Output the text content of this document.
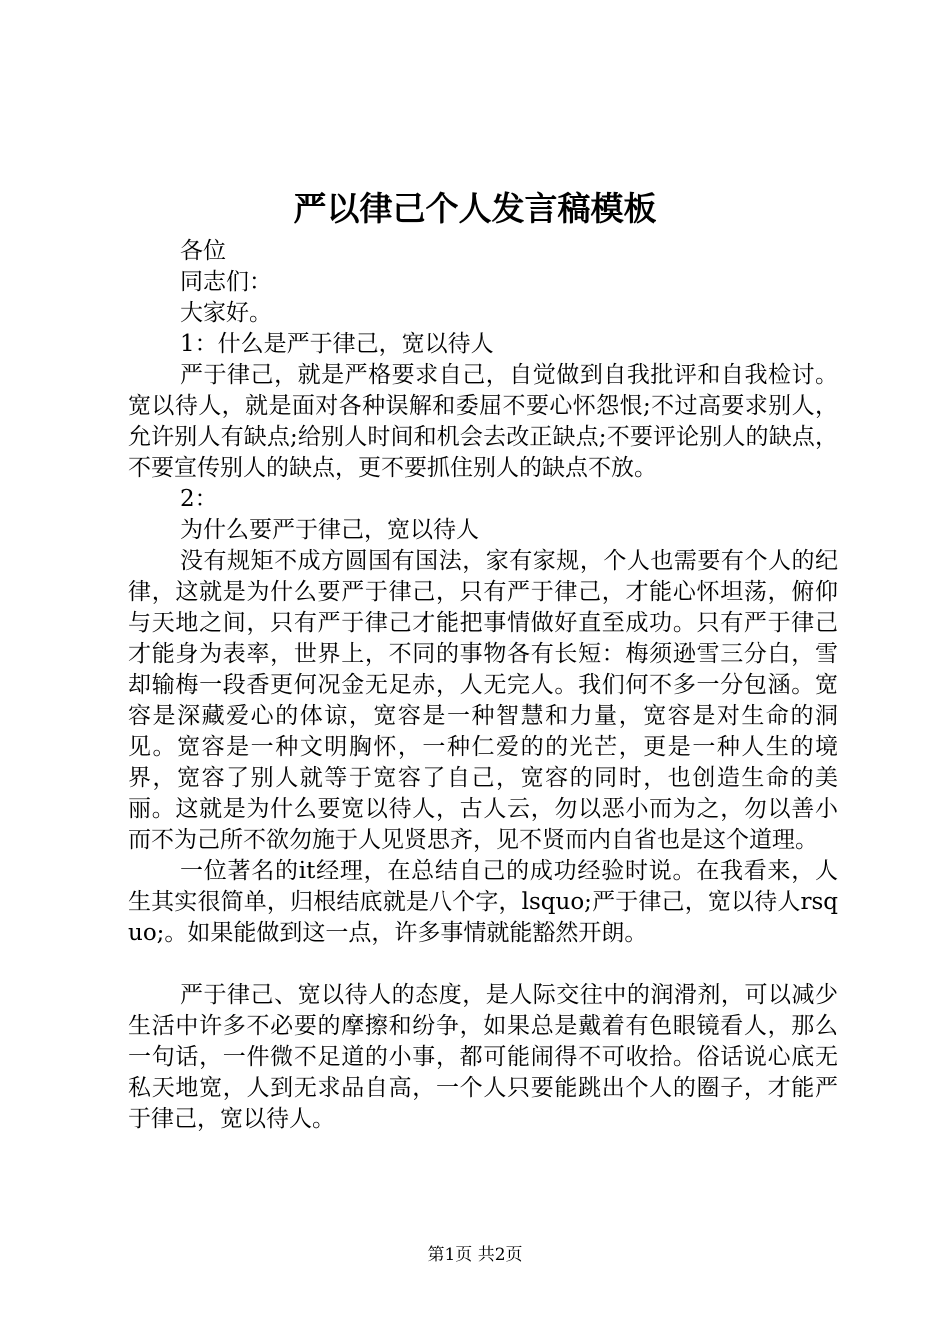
严以律己个人发言稿模板

各位

同志们：

大家好。

1：什么是严于律己，宽以待人

严于律己，就是严格要求自己，自觉做到自我批评和自我检讨。宽以待人，就是面对各种误解和委屈不要心怀怨恨;不过高要求别人，允许别人有缺点;给别人时间和机会去改正缺点;不要评论别人的缺点，不要宣传别人的缺点，更不要抓住别人的缺点不放。

2：

为什么要严于律己，宽以待人

没有规矩不成方圆国有国法，家有家规，个人也需要有个人的纪律，这就是为什么要严于律己，只有严于律己，才能心怀坦荡，俯仰与天地之间，只有严于律己才能把事情做好直至成功。只有严于律己才能身为表率，世界上，不同的事物各有长短：梅须逊雪三分白，雪却输梅一段香更何况金无足赤，人无完人。我们何不多一分包涵。宽容是深藏爱心的体谅，宽容是一种智慧和力量，宽容是对生命的洞见。宽容是一种文明胸怀，一种仁爱的的光芒，更是一种人生的境界，宽容了别人就等于宽容了自己，宽容的同时，也创造生命的美丽。这就是为什么要宽以待人，古人云，勿以恶小而为之，勿以善小而不为己所不欲勿施于人见贤思齐，见不贤而内自省也是这个道理。

一位著名的it经理，在总结自己的成功经验时说。在我看来，人生其实很简单，归根结底就是八个字，lsquo;严于律己，宽以待人rsquo;。如果能做到这一点，许多事情就能豁然开朗。

严于律己、宽以待人的态度，是人际交往中的润滑剂，可以减少生活中许多不必要的摩擦和纷争，如果总是戴着有色眼镜看人，那么一句话，一件微不足道的小事，都可能闹得不可收拾。俗话说心底无私天地宽，人到无求品自高，一个人只要能跳出个人的圈子，才能严于律己，宽以待人。

第1页 共2页
